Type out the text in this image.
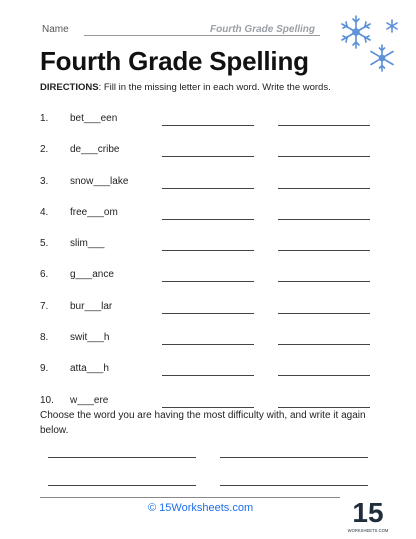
Name	Fourth Grade Spelling
Fourth Grade Spelling
DIRECTIONS: Fill in the missing letter in each word. Write the words.
1. bet___een
2. de___cribe
3. snow___lake
4. free___om
5. slim___
6. g___ance
7. bur___lar
8. swit___h
9. atta___h
10. w___ere
Choose the word you are having the most difficulty with, and write it again below.
© 15Worksheets.com	15
WORKSHEETS.COM
